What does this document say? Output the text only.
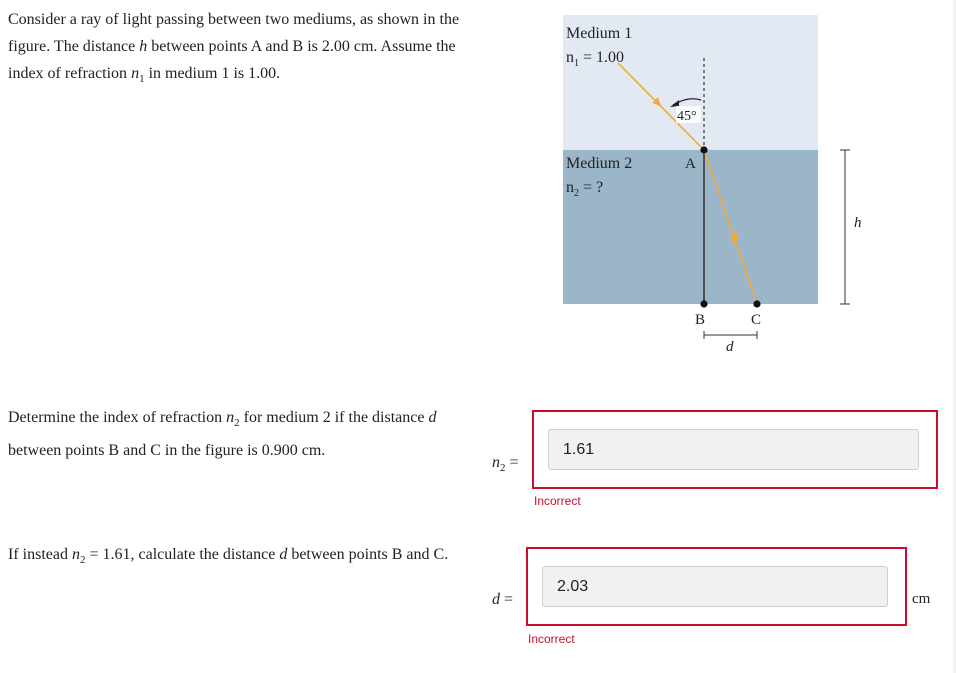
Consider a ray of light passing between two mediums, as shown in the figure. The distance h between points A and B is 2.00 cm. Assume the index of refraction $n_1$ in medium 1 is 1.00.
Medium 1
$n_1 = 1.00$
Medium 2
$n_2$ = ?
45°
A
B	C
d
h
Determine the index of refraction $n_2$ for medium 2 if the distance d between points B and C in the figure is 0.900 cm.
$n_2$ =
1.61
Incorrect
If instead $n_2 = 1.61$, calculate the distance d between points B and C.
d =
2.03
cm
Incorrect
